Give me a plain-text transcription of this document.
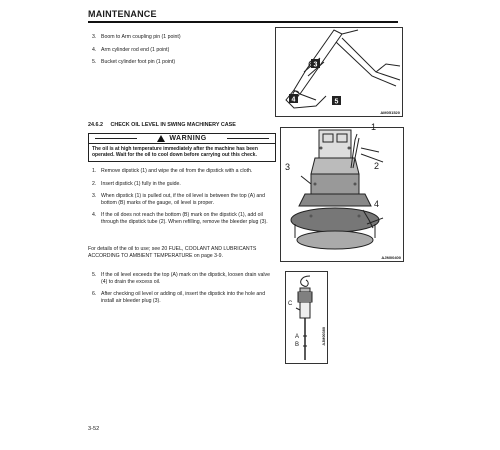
MAINTENANCE
3. Boom to Arm coupling pin (1 point)
4. Arm cylinder rod end (1 point)
5. Bucket cylinder foot pin (1 point)	3
4	5
AM051520
24.6.2 CHECK OIL LEVEL IN SWING MACHINERY CASE
WARNING
The oil is at high temperature immediately after the machine has been operated. Wait for the oil to cool down before carrying out this check.
1. Remove dipstick (1) and wipe the oil from the dipstick with a cloth.
2. Insert dipstick (1) fully in the guide.
3. When dipstick (1) is pulled out, if the oil level is between the top (A) and bottom (B) marks of the gauge, oil level is proper.
4. If the oil does not reach the bottom (B) mark on the dipstick (1), add oil through the dipstick tube (2). When refilling, remove the bleeder plug (3).
For details of the oil to use; see 20 FUEL, COOLANT AND LUBRICANTS ACCORDING TO AMBIENT TEMPERATURE on page 3-9.
5. If the oil level exceeds the top (A) mark on the dipstick, loosen drain valve (4) to drain the excess oil.
6. After checking oil level or adding oil, insert the dipstick into the hole and install air bleeder plug (3).
AJM00400
1
2
3
4
AJM00380
C
A
B
3-52
